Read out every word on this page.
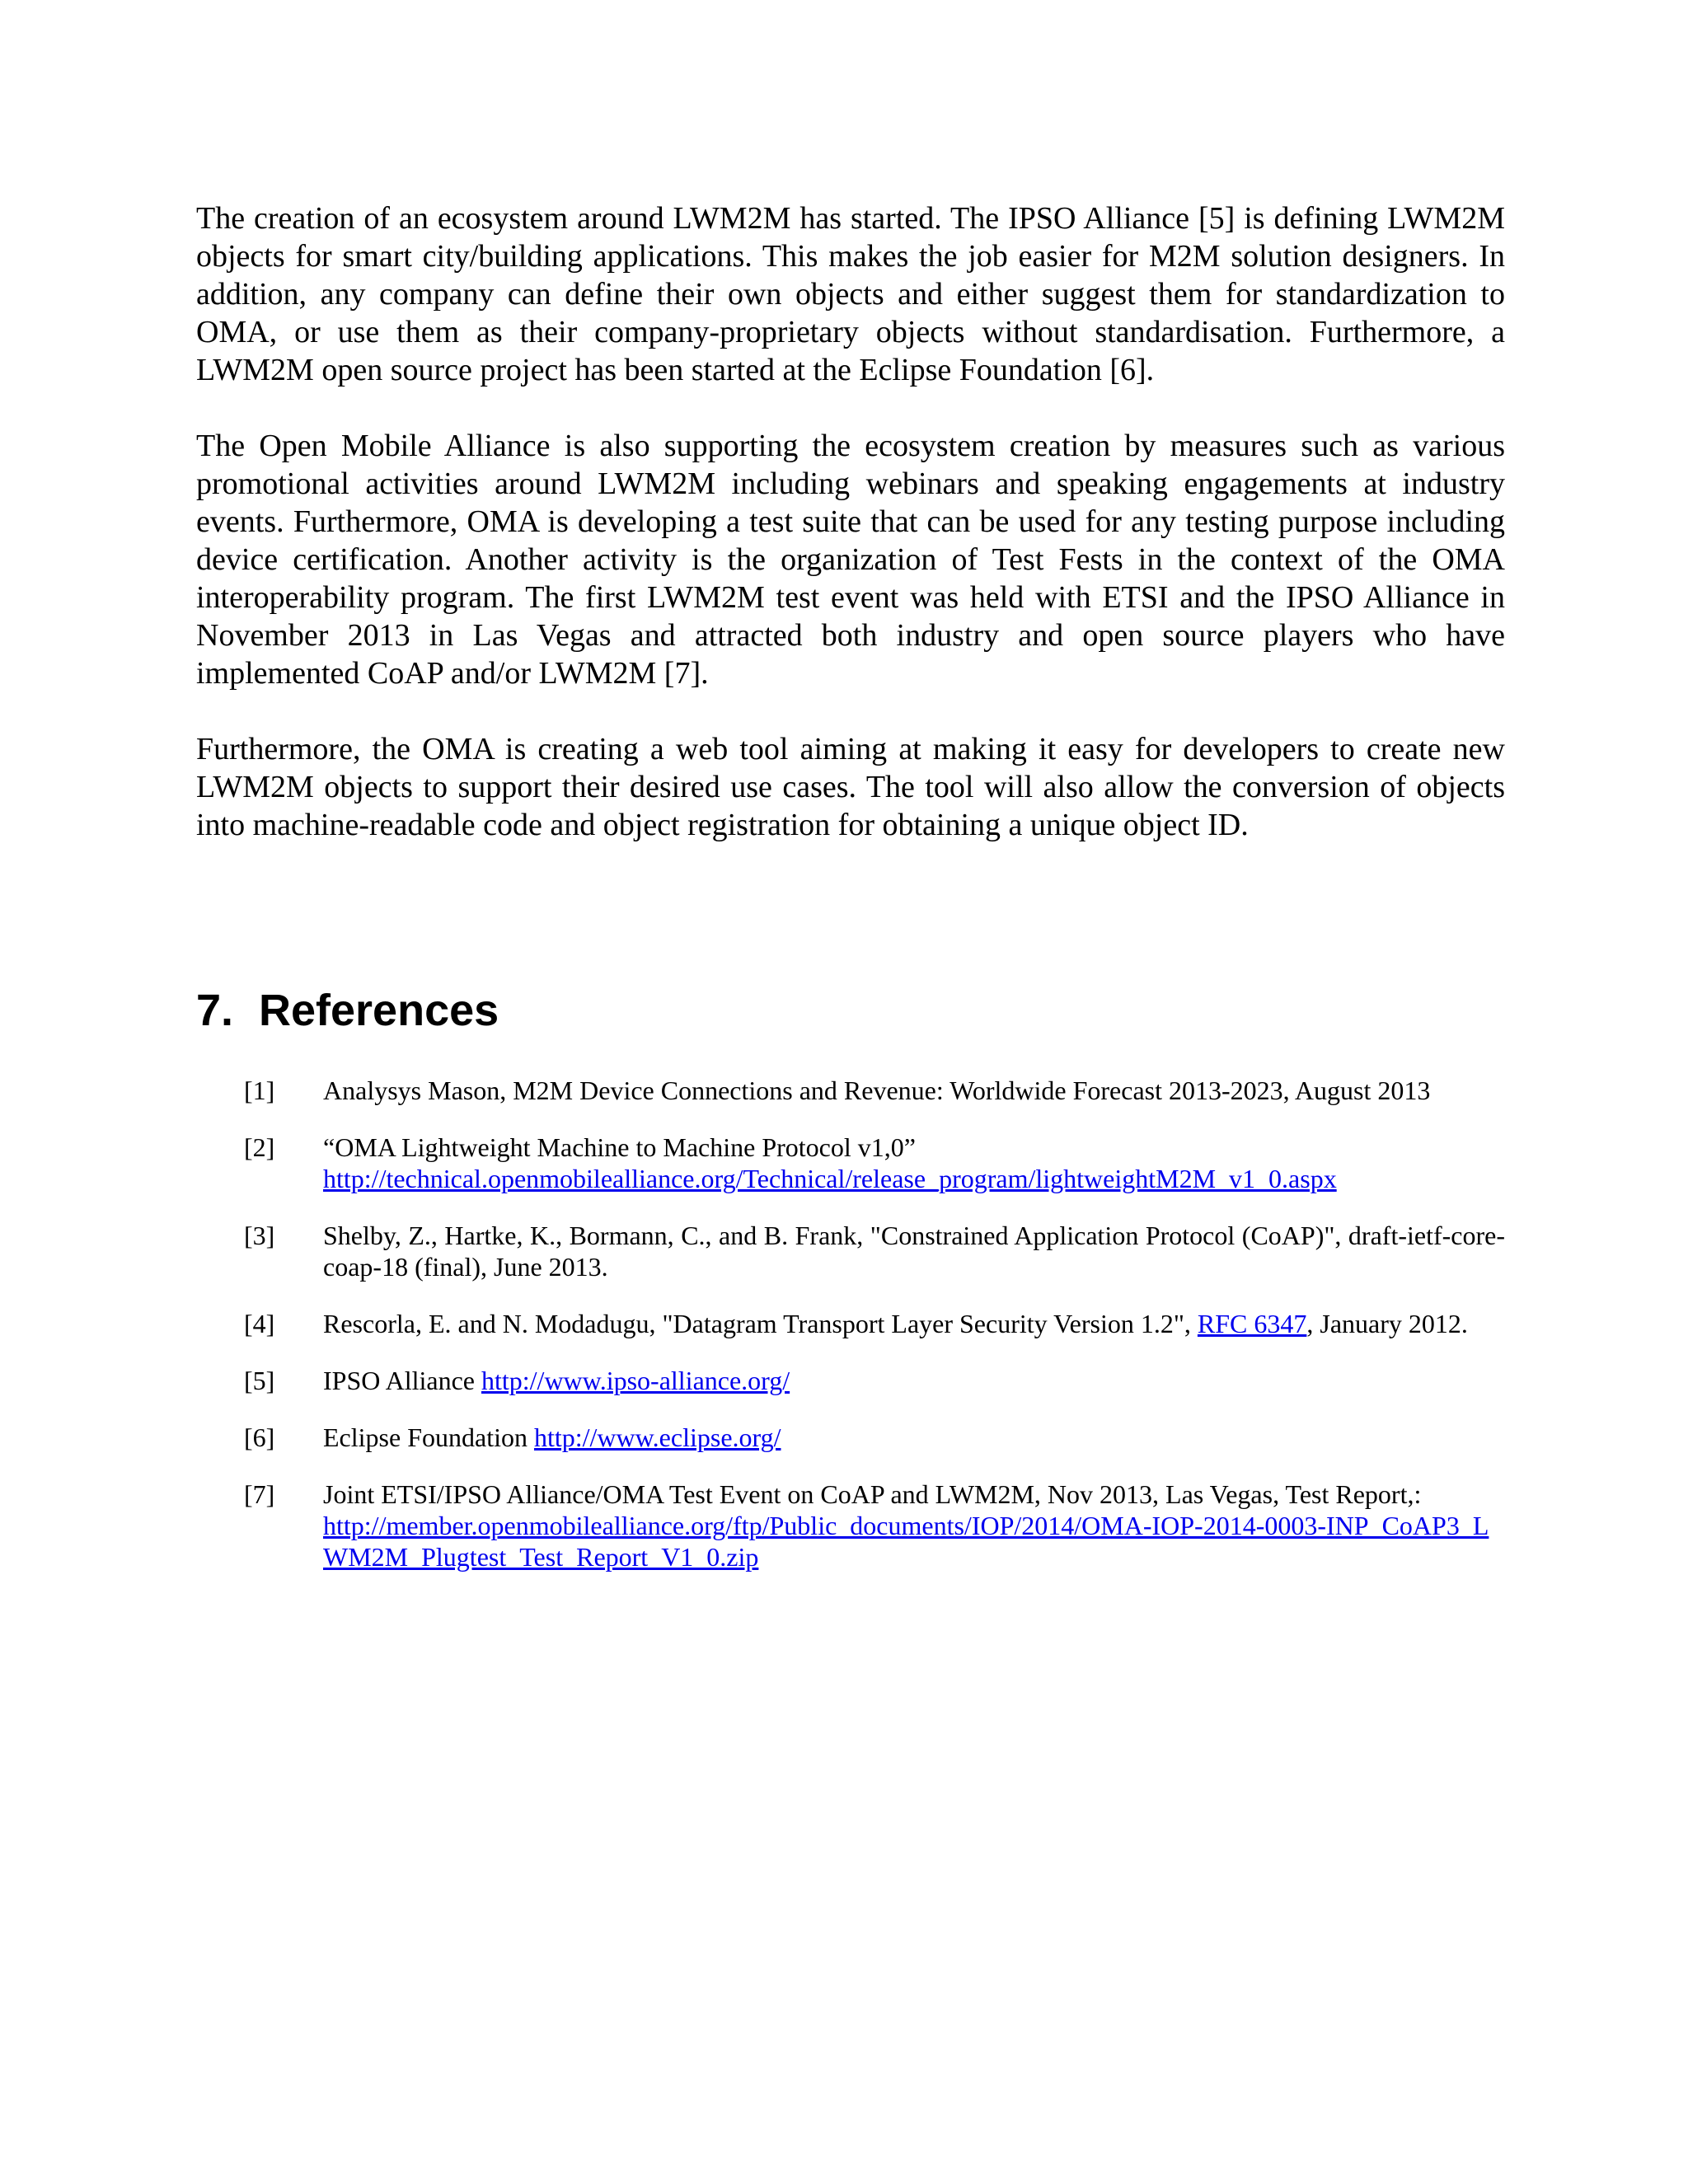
The creation of an ecosystem around LWM2M has started. The IPSO Alliance [5] is defining LWM2M objects for smart city/building applications. This makes the job easier for M2M solution designers. In addition, any company can define their own objects and either suggest them for standardization to OMA, or use them as their company-proprietary objects without standardisation. Furthermore, a LWM2M open source project has been started at the Eclipse Foundation [6].

The Open Mobile Alliance is also supporting the ecosystem creation by measures such as various promotional activities around LWM2M including webinars and speaking engagements at industry events. Furthermore, OMA is developing a test suite that can be used for any testing purpose including device certification. Another activity is the organization of Test Fests in the context of the OMA interoperability program. The first LWM2M test event was held with ETSI and the IPSO Alliance in November 2013 in Las Vegas and attracted both industry and open source players who have implemented CoAP and/or LWM2M [7].

Furthermore, the OMA is creating a web tool aiming at making it easy for developers to create new LWM2M objects to support their desired use cases. The tool will also allow the conversion of objects into machine-readable code and object registration for obtaining a unique object ID.

7. References
[1] Analysys Mason, M2M Device Connections and Revenue: Worldwide Forecast 2013-2023, August 2013
[2] “OMA Lightweight Machine to Machine Protocol v1,0”
http://technical.openmobilealliance.org/Technical/release_program/lightweightM2M_v1_0.aspx
[3] Shelby, Z., Hartke, K., Bormann, C., and B. Frank, "Constrained Application Protocol (CoAP)", draft-ietf-core-coap-18 (final), June 2013.
[4] Rescorla, E. and N. Modadugu, "Datagram Transport Layer Security Version 1.2", RFC 6347, January 2012.
[5] IPSO Alliance http://www.ipso-alliance.org/
[6] Eclipse Foundation http://www.eclipse.org/
[7] Joint ETSI/IPSO Alliance/OMA Test Event on CoAP and LWM2M, Nov 2013, Las Vegas, Test Report,:
http://member.openmobilealliance.org/ftp/Public_documents/IOP/2014/OMA-IOP-2014-0003-INP_CoAP3_LWM2M_Plugtest_Test_Report_V1_0.zip
